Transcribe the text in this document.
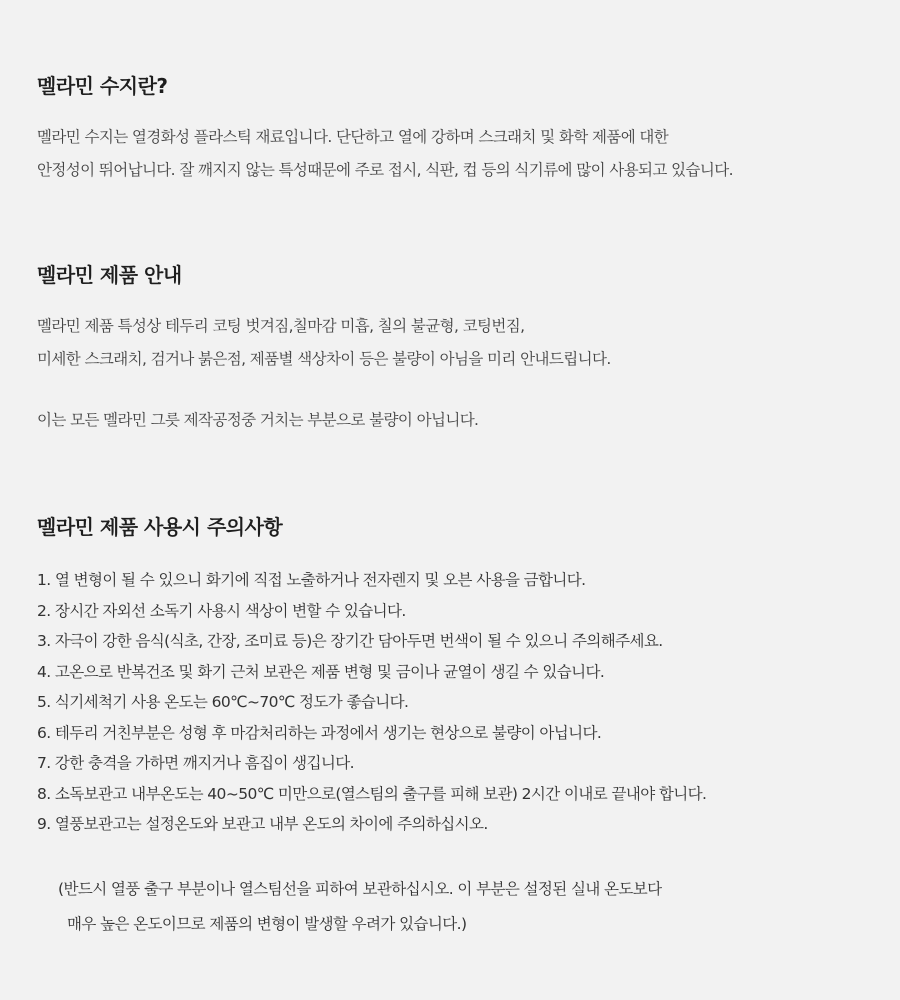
멜라민 수지란?

멜라민 수지는 열경화성 플라스틱 재료입니다. 단단하고 열에 강하며 스크래치 및 화학 제품에 대한
안정성이 뛰어납니다. 잘 깨지지 않는 특성때문에 주로 접시, 식판, 컵 등의 식기류에 많이 사용되고 있습니다.

멜라민 제품 안내

멜라민 제품 특성상 테두리 코팅 벗겨짐,칠마감 미흡, 칠의 불균형, 코팅번짐,
미세한 스크래치, 검거나 붉은점, 제품별 색상차이 등은 불량이 아님을 미리 안내드립니다.

이는 모든 멜라민 그릇 제작공정중 거치는 부분으로 불량이 아닙니다.

멜라민 제품 사용시 주의사항
1. 열 변형이 될 수 있으니 화기에 직접 노출하거나 전자렌지 및 오븐 사용을 금합니다.
2. 장시간 자외선 소독기 사용시 색상이 변할 수 있습니다.
3. 자극이 강한 음식(식초, 간장, 조미료 등)은 장기간 담아두면 번색이 될 수 있으니 주의해주세요.
4. 고온으로 반복건조 및 화기 근처 보관은 제품 변형 및 금이나 균열이 생길 수 있습니다.
5. 식기세척기 사용 온도는 60℃~70℃ 정도가 좋습니다.
6. 테두리 거친부분은 성형 후 마감처리하는 과정에서 생기는 현상으로 불량이 아닙니다.
7. 강한 충격을 가하면 깨지거나 흠집이 생깁니다.
8. 소독보관고 내부온도는 40~50℃ 미만으로(열스팀의 출구를 피해 보관) 2시간 이내로 끝내야 합니다.
9. 열풍보관고는 설정온도와 보관고 내부 온도의 차이에 주의하십시오.

(반드시 열풍 출구 부분이나 열스팀선을 피하여 보관하십시오. 이 부분은 설정된 실내 온도보다
매우 높은 온도이므로 제품의 변형이 발생할 우려가 있습니다.)
